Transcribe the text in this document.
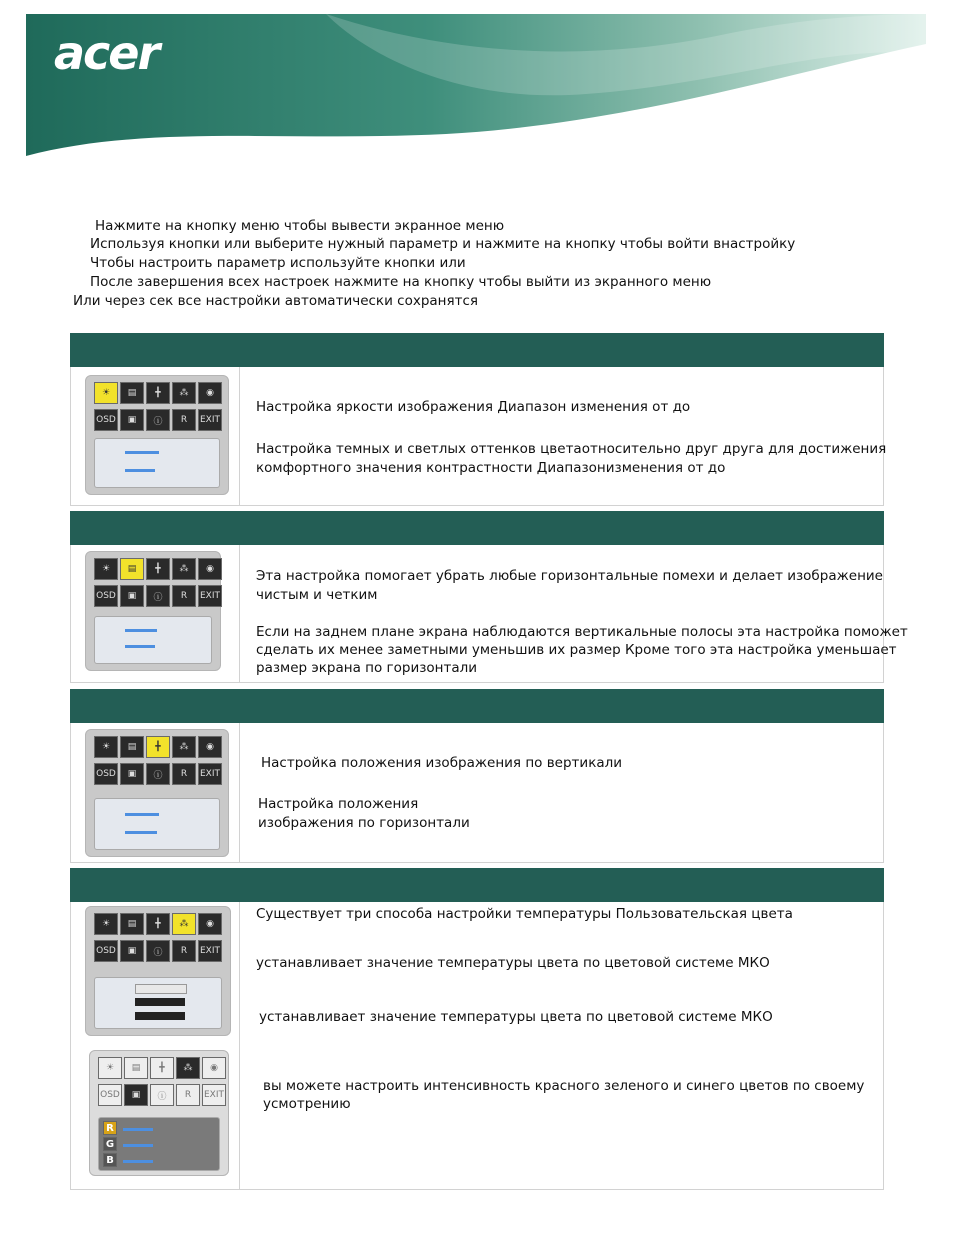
acer
Нажмите на кнопку меню чтобы вывести экранное меню
Используя кнопки или выберите нужный параметр и нажмите на кнопку чтобы войти внастройку
Чтобы настроить параметр используйте кнопки или
После завершения всех настроек нажмите на кнопку чтобы выйти из экранного меню
Или через сек все настройки автоматически сохранятся
☀	▤	╋	⁂	◉
OSD	▣	ⓘ	R	EXIT
Настройка яркости изображения Диапазон изменения от до
Настройка темных и светлых оттенков цветаотносительно друг друга для достижения
комфортного значения контрастности Диапазонизменения от до
☀	▤	╋	⁂	◉
OSD	▣	ⓘ	R	EXIT
Эта настройка помогает убрать любые горизонтальные помехи и делает изображение
чистым и четким
Если на заднем плане экрана наблюдаются вертикальные полосы эта настройка поможет
сделать их менее заметными уменьшив их размер Кроме того эта настройка уменьшает
размер экрана по горизонтали
☀	▤	╋	⁂	◉
OSD	▣	ⓘ	R	EXIT
Настройка положения изображения по вертикали
Настройка положения
изображения по горизонтали
☀	▤	╋	⁂	◉
OSD	▣	ⓘ	R	EXIT
☀	▤	╋	⁂	◉
OSD	▣	ⓘ	R	EXIT
R
G
B
Существует три способа настройки температуры Пользовательская цвета
устанавливает значение температуры цвета по цветовой системе МКО
устанавливает значение температуры цвета по цветовой системе МКО
вы можете настроить интенсивность красного зеленого и синего цветов по своему
усмотрению
